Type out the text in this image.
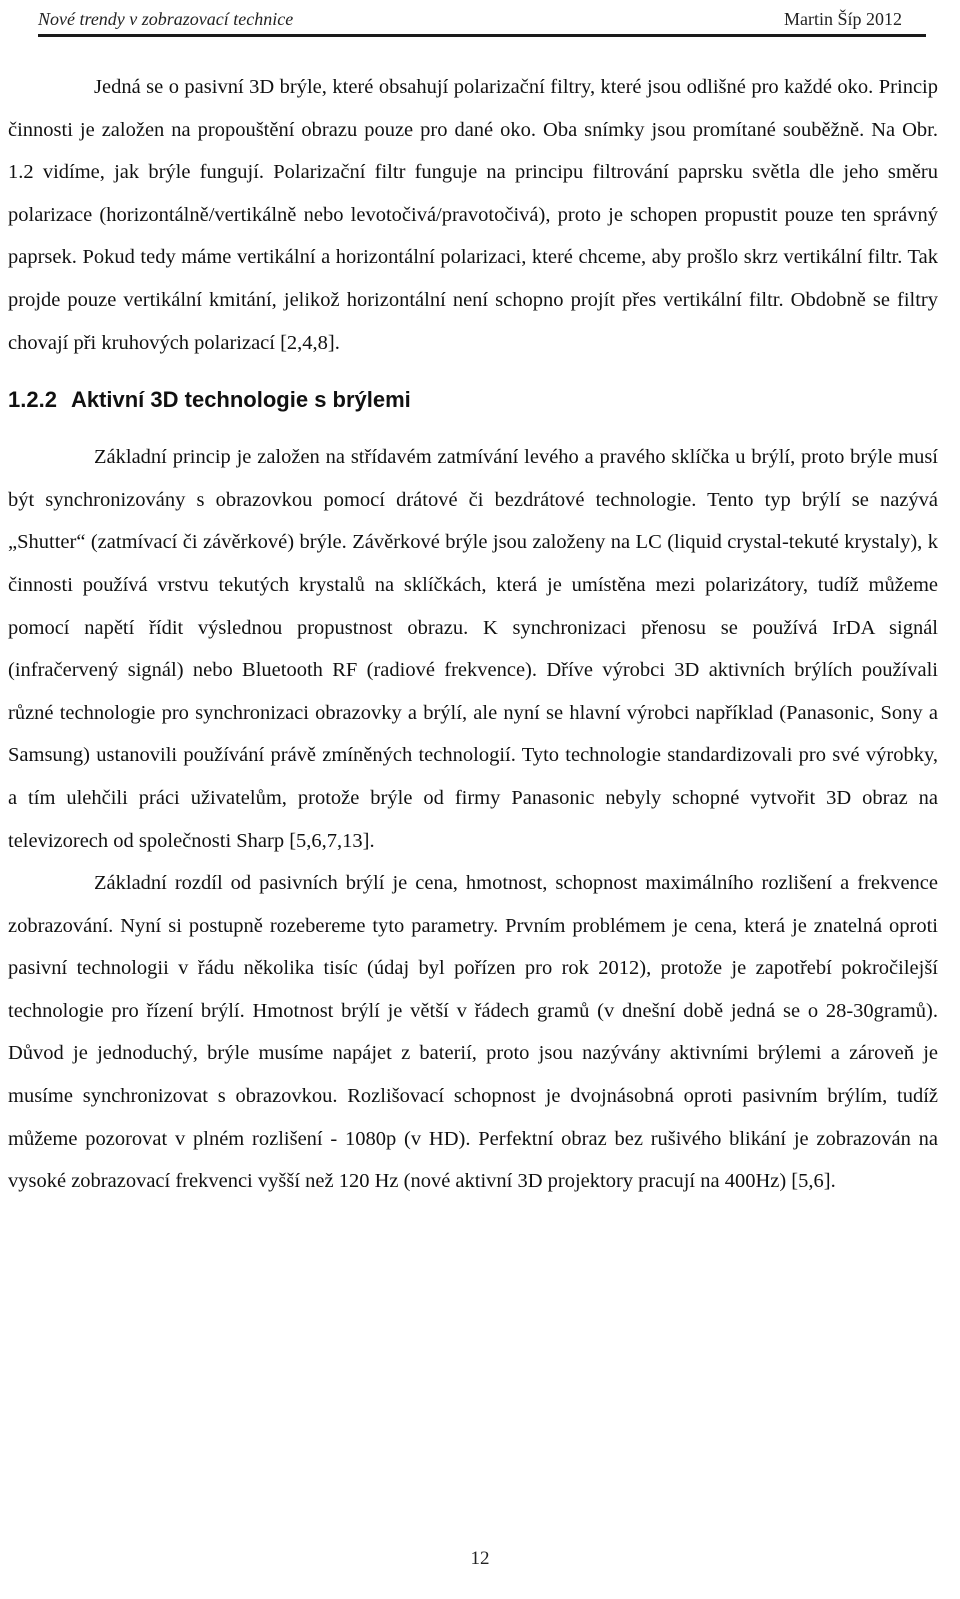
Nové trendy v zobrazovací technice	Martin Šíp 2012

Jedná se o pasivní 3D brýle, které obsahují polarizační filtry, které jsou odlišné pro každé oko. Princip činnosti je založen na propouštění obrazu pouze pro dané oko. Oba snímky jsou promítané souběžně. Na Obr. 1.2 vidíme, jak brýle fungují. Polarizační filtr funguje na principu filtrování paprsku světla dle jeho směru polarizace (horizontálně/vertikálně nebo levotočivá/pravotočivá), proto je schopen propustit pouze ten správný paprsek. Pokud tedy máme vertikální a horizontální polarizaci, které chceme, aby prošlo skrz vertikální filtr. Tak projde pouze vertikální kmitání, jelikož horizontální není schopno projít přes vertikální filtr. Obdobně se filtry chovají při kruhových polarizací [2,4,8].

1.2.2 Aktivní 3D technologie s brýlemi

Základní princip je založen na střídavém zatmívání levého a pravého sklíčka u brýlí, proto brýle musí být synchronizovány s obrazovkou pomocí drátové či bezdrátové technologie. Tento typ brýlí se nazývá „Shutter“ (zatmívací či závěrkové) brýle. Závěrkové brýle jsou založeny na LC (liquid crystal-tekuté krystaly), k činnosti používá vrstvu tekutých krystalů na sklíčkách, která je umístěna mezi polarizátory, tudíž můžeme pomocí napětí řídit výslednou propustnost obrazu. K synchronizaci přenosu se používá IrDA signál (infračervený signál) nebo Bluetooth RF (radiové frekvence). Dříve výrobci 3D aktivních brýlích používali různé technologie pro synchronizaci obrazovky a brýlí, ale nyní se hlavní výrobci například (Panasonic, Sony a Samsung) ustanovili používání právě zmíněných technologií. Tyto technologie standardizovali pro své výrobky, a tím ulehčili práci uživatelům, protože brýle od firmy Panasonic nebyly schopné vytvořit 3D obraz na televizorech od společnosti Sharp [5,6,7,13].

Základní rozdíl od pasivních brýlí je cena, hmotnost, schopnost maximálního rozlišení a frekvence zobrazování. Nyní si postupně rozebereme tyto parametry. Prvním problémem je cena, která je znatelná oproti pasivní technologii v řádu několika tisíc (údaj byl pořízen pro rok 2012), protože je zapotřebí pokročilejší technologie pro řízení brýlí. Hmotnost brýlí je větší v řádech gramů (v dnešní době jedná se o 28-30gramů). Důvod je jednoduchý, brýle musíme napájet z baterií, proto jsou nazývány aktivními brýlemi a zároveň je musíme synchronizovat s obrazovkou. Rozlišovací schopnost je dvojnásobná oproti pasivním brýlím, tudíž můžeme pozorovat v plném rozlišení - 1080p (v HD). Perfektní obraz bez rušivého blikání je zobrazován na vysoké zobrazovací frekvenci vyšší než 120 Hz (nové aktivní 3D projektory pracují na 400Hz) [5,6].

12
